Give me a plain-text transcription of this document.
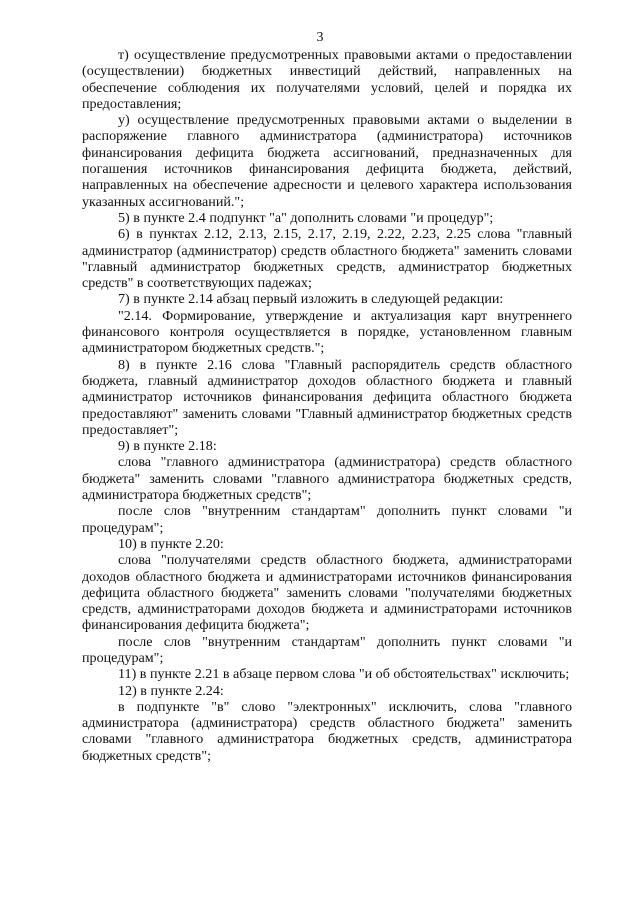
3

т) осуществление предусмотренных правовыми актами о предоставлении (осуществлении) бюджетных инвестиций действий, направленных на обеспечение соблюдения их получателями условий, целей и порядка их предоставления;

у) осуществление предусмотренных правовыми актами о выделении в распоряжение главного администратора (администратора) источников финансирования дефицита бюджета ассигнований, предназначенных для погашения источников финансирования дефицита бюджета, действий, направленных на обеспечение адресности и целевого характера использования указанных ассигнований.";

5) в пункте 2.4 подпункт "а" дополнить словами "и процедур";

6) в пунктах 2.12, 2.13, 2.15, 2.17, 2.19, 2.22, 2.23, 2.25 слова "главный администратор (администратор) средств областного бюджета" заменить словами "главный администратор бюджетных средств, администратор бюджетных средств" в соответствующих падежах;

7) в пункте 2.14 абзац первый изложить в следующей редакции:

"2.14. Формирование, утверждение и актуализация карт внутреннего финансового контроля осуществляется в порядке, установленном главным администратором бюджетных средств.";

8) в пункте 2.16 слова "Главный распорядитель средств областного бюджета, главный администратор доходов областного бюджета и главный администратор источников финансирования дефицита областного бюджета предоставляют" заменить словами "Главный администратор бюджетных средств предоставляет";

9) в пункте 2.18:

слова "главного администратора (администратора) средств областного бюджета" заменить словами "главного администратора бюджетных средств, администратора бюджетных средств";

после слов "внутренним стандартам" дополнить пункт словами "и процедурам";

10) в пункте 2.20:

слова "получателями средств областного бюджета, администраторами доходов областного бюджета и администраторами источников финансирования дефицита областного бюджета" заменить словами "получателями бюджетных средств, администраторами доходов бюджета и администраторами источников финансирования дефицита бюджета";

после слов "внутренним стандартам" дополнить пункт словами "и процедурам";

11) в пункте 2.21 в абзаце первом слова "и об обстоятельствах" исключить;

12) в пункте 2.24:

в подпункте "в" слово "электронных" исключить, слова "главного администратора (администратора) средств областного бюджета" заменить словами "главного администратора бюджетных средств, администратора бюджетных средств";
